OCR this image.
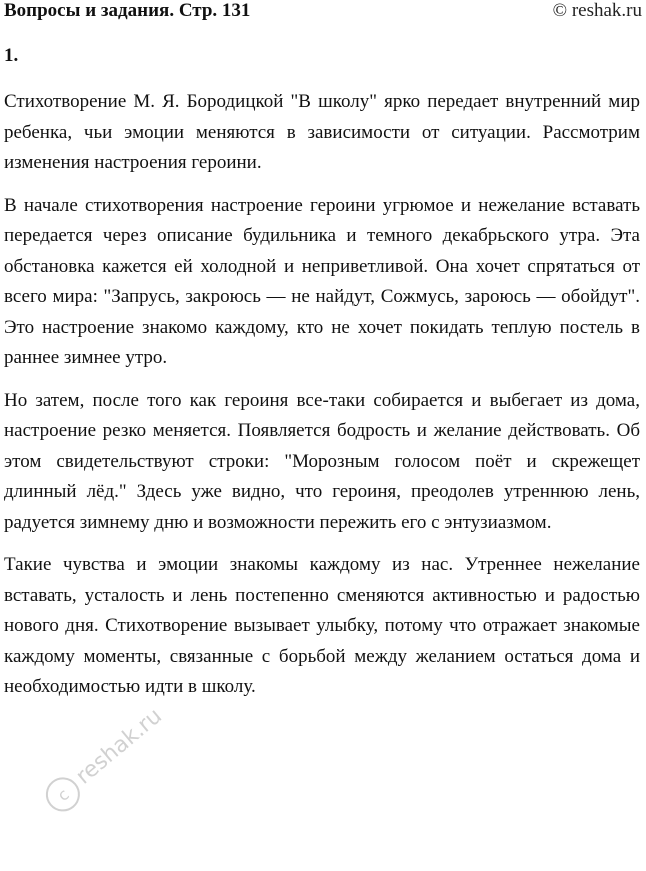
Вопросы и задания. Стр. 131	© reshak.ru
1.

Стихотворение М. Я. Бородицкой "В школу" ярко передает внутренний мир ребенка, чьи эмоции меняются в зависимости от ситуации. Рассмотрим изменения настроения героини.

В начале стихотворения настроение героини угрюмое и нежелание вставать передается через описание будильника и темного декабрьского утра. Эта обстановка кажется ей холодной и неприветливой. Она хочет спрятаться от всего мира: "Запрусь, закроюсь — не найдут, Сожмусь, зароюсь — обойдут". Это настроение знакомо каждому, кто не хочет покидать теплую постель в раннее зимнее утро.

Но затем, после того как героиня все-таки собирается и выбегает из дома, настроение резко меняется. Появляется бодрость и желание действовать. Об этом свидетельствуют строки: "Морозным голосом поёт и скрежещет длинный лёд." Здесь уже видно, что героиня, преодолев утреннюю лень, радуется зимнему дню и возможности пережить его с энтузиазмом.

Такие чувства и эмоции знакомы каждому из нас. Утреннее нежелание вставать, усталость и лень постепенно сменяются активностью и радостью нового дня. Стихотворение вызывает улыбку, потому что отражает знакомые каждому моменты, связанные с борьбой между желанием остаться дома и необходимостью идти в школу.

c
reshak.ru
